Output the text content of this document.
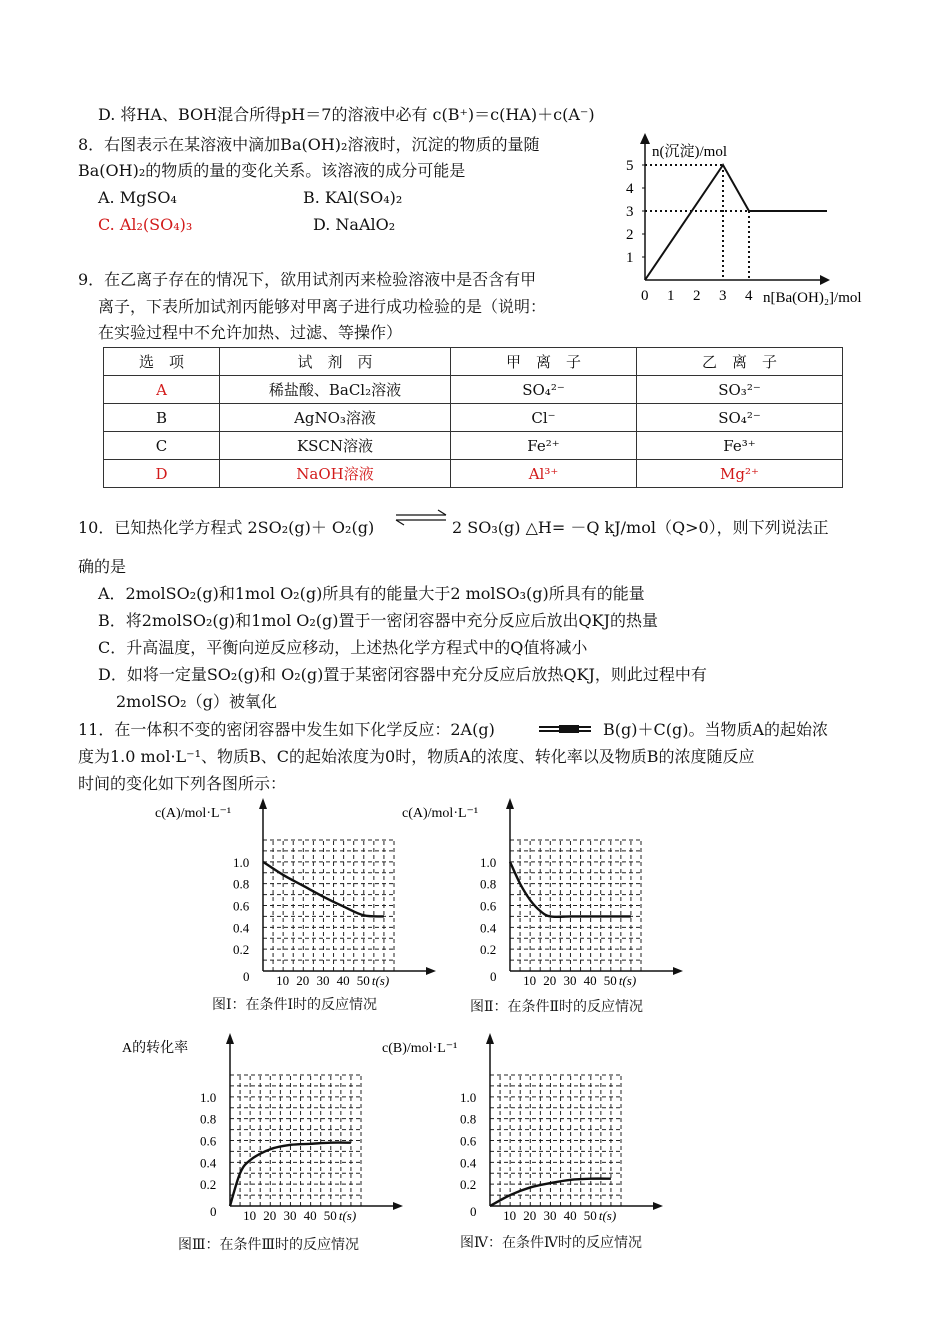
D. 将HA、BOH混合所得pH＝7的溶液中必有 c(B⁺)＝c(HA)＋c(A⁻)
8．右图表示在某溶液中滴加Ba(OH)₂溶液时，沉淀的物质的量随
Ba(OH)₂的物质的量的变化关系。该溶液的成分可能是
A. MgSO₄	B. KAl(SO₄)₂
C. Al₂(SO₄)₃	D. NaAlO₂
n(沉淀)/mol
n[Ba(OH)₂]/mol
0 1 2 3 4
1
2
3
4
5
9．在乙离子存在的情况下，欲用试剂丙来检验溶液中是否含有甲
离子，下表所加试剂丙能够对甲离子进行成功检验的是（说明：
在实验过程中不允许加热、过滤、等操作）
选　项	试　剂　丙	甲　离　子	乙　离　子
A	稀盐酸、BaCl₂溶液	SO₄²⁻	SO₃²⁻
B	AgNO₃溶液	Cl⁻	SO₄²⁻
C	KSCN溶液	Fe²⁺	Fe³⁺
D	NaOH溶液	Al³⁺	Mg²⁺
10．已知热化学方程式 2SO₂(g)＋ O₂(g) ⇌ 2 SO₃(g) △H= －Q kJ/mol（Q>0），则下列说法正
确的是
A．2molSO₂(g)和1mol O₂(g)所具有的能量大于2 molSO₃(g)所具有的能量
B．将2molSO₂(g)和1mol O₂(g)置于一密闭容器中充分反应后放出QKJ的热量
C．升高温度，平衡向逆反应移动，上述热化学方程式中的Q值将减小
D．如将一定量SO₂(g)和 O₂(g)置于某密闭容器中充分反应后放热QKJ，则此过程中有
2molSO₂（g）被氧化
11．在一体积不变的密闭容器中发生如下化学反应：2A(g)	⇌ B(g)＋C(g)。当物质A的起始浓
度为1.0 mol·L⁻¹、物质B、C的起始浓度为0时，物质A的浓度、转化率以及物质B的浓度随反应
时间的变化如下列各图所示：
c(A)/mol·L⁻¹
0.2
0.4
0.6
0.8
1.0
0 10 20 30 40 50 t(s)
c(A)/mol·L⁻¹
0.2
0.4
0.6
0.8
1.0
0 10 20 30 40 50 t(s)
A的转化率
0.2
0.4
0.6
0.8
1.0
0 10 20 30 40 50 t(s)
c(B)/mol·L⁻¹
0.2
0.4
0.6
0.8
1.0
0 10 20 30 40 50 t(s)
图Ⅰ：在条件Ⅰ时的反应情况	图Ⅱ：在条件Ⅱ时的反应情况
图Ⅲ：在条件Ⅲ时的反应情况	图Ⅳ：在条件Ⅳ时的反应情况
